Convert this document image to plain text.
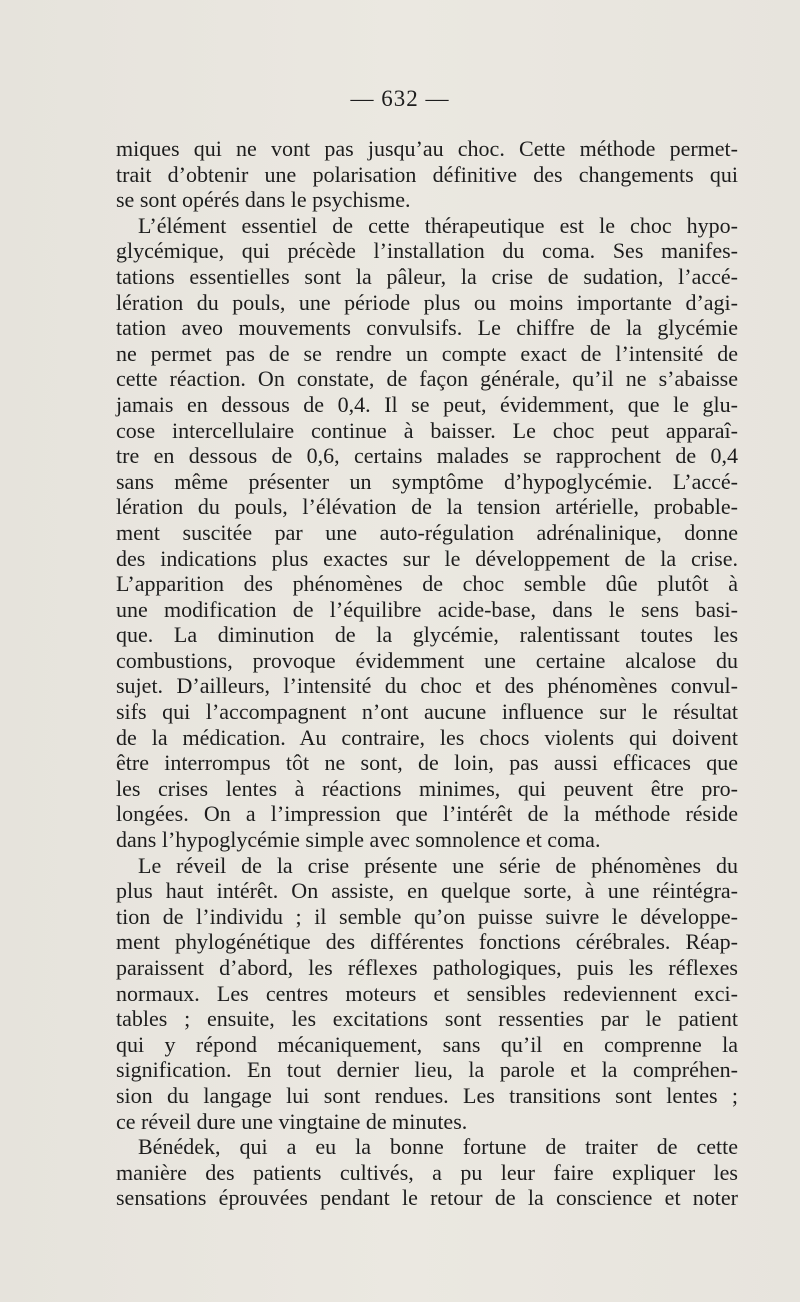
— 632 —
miques qui ne vont pas jusqu’au choc. Cette méthode permet-
trait d’obtenir une polarisation définitive des changements qui
se sont opérés dans le psychisme.
L’élément essentiel de cette thérapeutique est le choc hypo-
glycémique, qui précède l’installation du coma. Ses manifes-
tations essentielles sont la pâleur, la crise de sudation, l’accé-
lération du pouls, une période plus ou moins importante d’agi-
tation aveo mouvements convulsifs. Le chiffre de la glycémie
ne permet pas de se rendre un compte exact de l’intensité de
cette réaction. On constate, de façon générale, qu’il ne s’abaisse
jamais en dessous de 0,4. Il se peut, évidemment, que le glu-
cose intercellulaire continue à baisser. Le choc peut apparaî-
tre en dessous de 0,6, certains malades se rapprochent de 0,4
sans même présenter un symptôme d’hypoglycémie. L’accé-
lération du pouls, l’élévation de la tension artérielle, probable-
ment suscitée par une auto-régulation adrénalinique, donne
des indications plus exactes sur le développement de la crise.
L’apparition des phénomènes de choc semble dûe plutôt à
une modification de l’équilibre acide-base, dans le sens basi-
que. La diminution de la glycémie, ralentissant toutes les
combustions, provoque évidemment une certaine alcalose du
sujet. D’ailleurs, l’intensité du choc et des phénomènes convul-
sifs qui l’accompagnent n’ont aucune influence sur le résultat
de la médication. Au contraire, les chocs violents qui doivent
être interrompus tôt ne sont, de loin, pas aussi efficaces que
les crises lentes à réactions minimes, qui peuvent être pro-
longées. On a l’impression que l’intérêt de la méthode réside
dans l’hypoglycémie simple avec somnolence et coma.
Le réveil de la crise présente une série de phénomènes du
plus haut intérêt. On assiste, en quelque sorte, à une réintégra-
tion de l’individu ; il semble qu’on puisse suivre le développe-
ment phylogénétique des différentes fonctions cérébrales. Réap-
paraissent d’abord, les réflexes pathologiques, puis les réflexes
normaux. Les centres moteurs et sensibles redeviennent exci-
tables ; ensuite, les excitations sont ressenties par le patient
qui y répond mécaniquement, sans qu’il en comprenne la
signification. En tout dernier lieu, la parole et la compréhen-
sion du langage lui sont rendues. Les transitions sont lentes ;
ce réveil dure une vingtaine de minutes.
Bénédek, qui a eu la bonne fortune de traiter de cette
manière des patients cultivés, a pu leur faire expliquer les
sensations éprouvées pendant le retour de la conscience et noter
